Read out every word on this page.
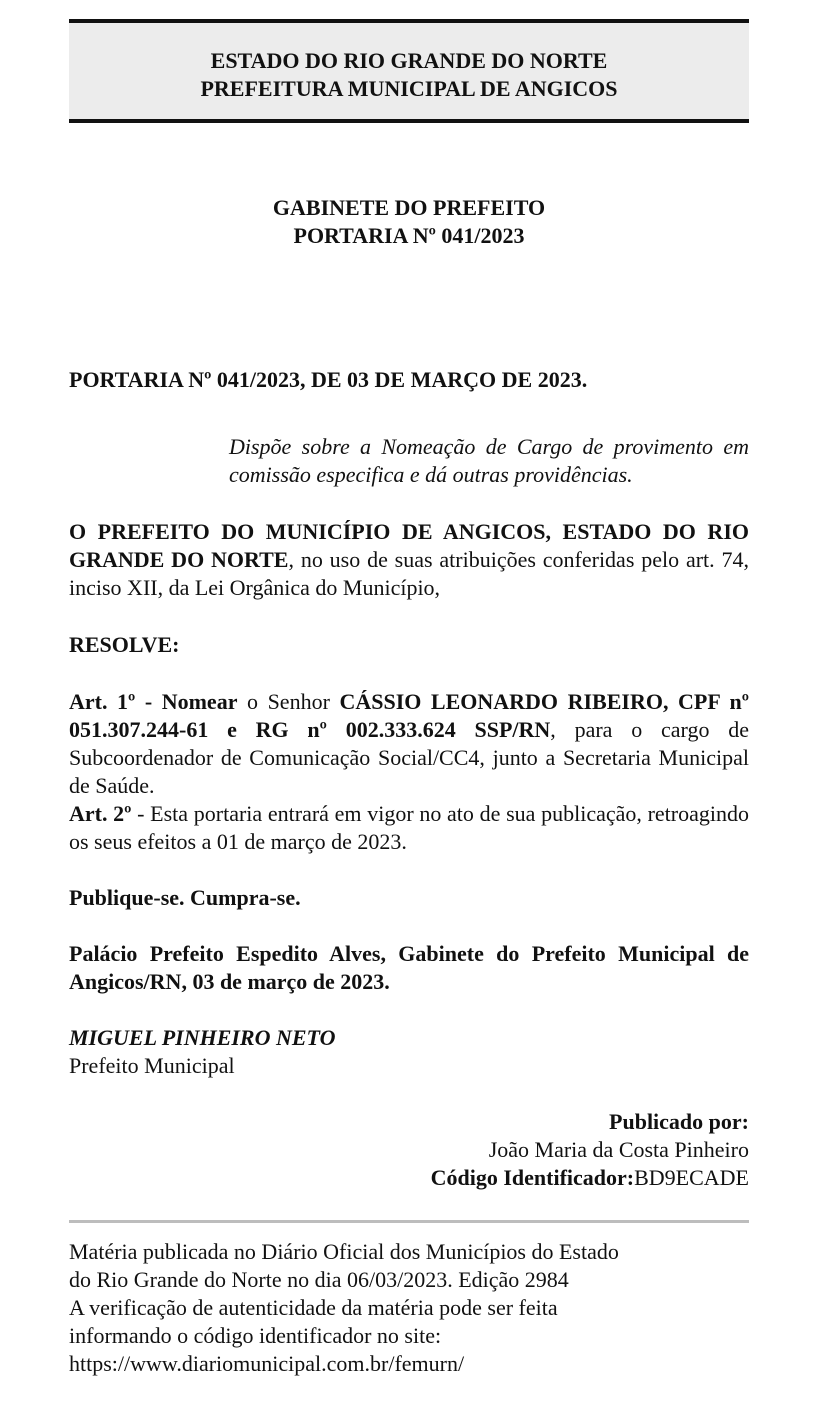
ESTADO DO RIO GRANDE DO NORTE
PREFEITURA MUNICIPAL DE ANGICOS
GABINETE DO PREFEITO
PORTARIA Nº 041/2023
PORTARIA Nº 041/2023, DE 03 DE MARÇO DE 2023.
Dispõe sobre a Nomeação de Cargo de provimento em comissão especifica e dá outras providências.
O PREFEITO DO MUNICÍPIO DE ANGICOS, ESTADO DO RIO GRANDE DO NORTE, no uso de suas atribuições conferidas pelo art. 74, inciso XII, da Lei Orgânica do Município,
RESOLVE:
Art. 1º - Nomear o Senhor CÁSSIO LEONARDO RIBEIRO, CPF nº 051.307.244-61 e RG nº 002.333.624 SSP/RN, para o cargo de Subcoordenador de Comunicação Social/CC4, junto a Secretaria Municipal de Saúde.
Art. 2º - Esta portaria entrará em vigor no ato de sua publicação, retroagindo os seus efeitos a 01 de março de 2023.
Publique-se. Cumpra-se.
Palácio Prefeito Espedito Alves, Gabinete do Prefeito Municipal de Angicos/RN, 03 de março de 2023.
MIGUEL PINHEIRO NETO
Prefeito Municipal
Publicado por:
João Maria da Costa Pinheiro
Código Identificador:BD9ECADE
Matéria publicada no Diário Oficial dos Municípios do Estado
do Rio Grande do Norte no dia 06/03/2023. Edição 2984
A verificação de autenticidade da matéria pode ser feita
informando o código identificador no site:
https://www.diariomunicipal.com.br/femurn/
